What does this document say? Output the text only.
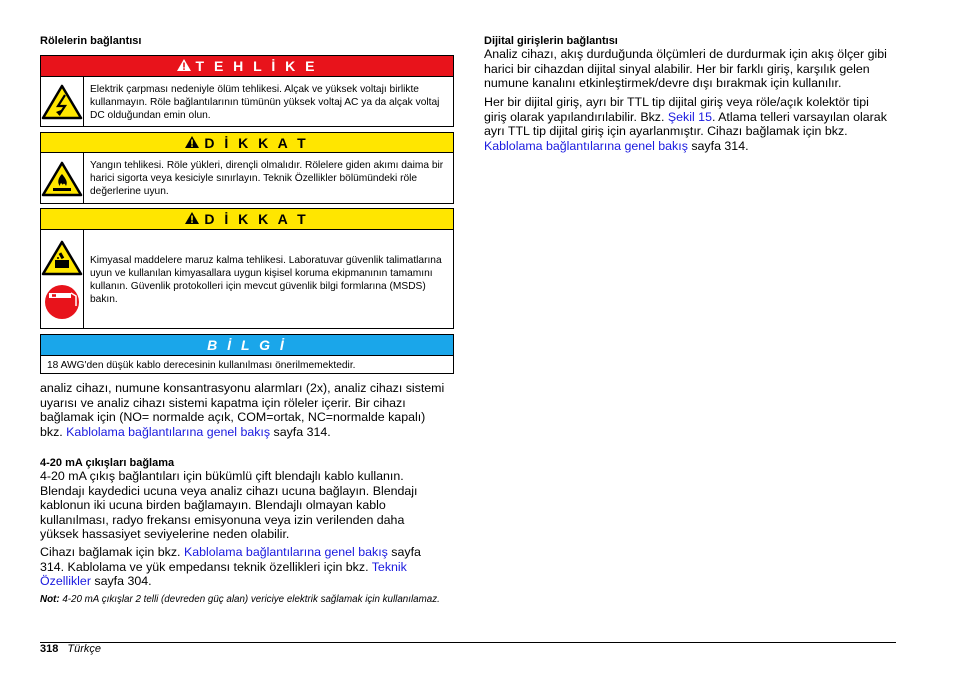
Rölelerin bağlantısı
T E H L İ K E
Elektrik çarpması nedeniyle ölüm tehlikesi. Alçak ve yüksek voltajı birlikte kullanmayın. Röle bağlantılarının tümünün yüksek voltaj AC ya da alçak voltaj DC olduğundan emin olun.
D İ K K A T
Yangın tehlikesi. Röle yükleri, dirençli olmalıdır. Rölelere giden akımı daima bir harici sigorta veya kesiciyle sınırlayın. Teknik Özellikler bölümündeki röle değerlerine uyun.
D İ K K A T
Kimyasal maddelere maruz kalma tehlikesi. Laboratuvar güvenlik talimatlarına uyun ve kullanılan kimyasallara uygun kişisel koruma ekipmanının tamamını kullanın. Güvenlik protokolleri için mevcut güvenlik bilgi formlarına (MSDS) bakın.
B İ L G İ
18 AWG'den düşük kablo derecesinin kullanılması önerilmemektedir.

analiz cihazı, numune konsantrasyonu alarmları (2x), analiz cihazı sistemi uyarısı ve analiz cihazı sistemi kapatma için röleler içerir. Bir cihazı bağlamak için (NO= normalde açık, COM=ortak, NC=normalde kapalı) bkz. Kablolama bağlantılarına genel bakış sayfa 314.

4-20 mA çıkışları bağlama

4-20 mA çıkış bağlantıları için bükümlü çift blendajlı kablo kullanın. Blendajı kaydedici ucuna veya analiz cihazı ucuna bağlayın. Blendajı kablonun iki ucuna birden bağlamayın. Blendajlı olmayan kablo kullanılması, radyo frekansı emisyonuna veya izin verilenden daha yüksek hassasiyet seviyelerine neden olabilir.

Cihazı bağlamak için bkz. Kablolama bağlantılarına genel bakış sayfa 314. Kablolama ve yük empedansı teknik özellikleri için bkz. Teknik Özellikler sayfa 304.

Not: 4-20 mA çıkışlar 2 telli (devreden güç alan) vericiye elektrik sağlamak için kullanılamaz.
Dijital girişlerin bağlantısı

Analiz cihazı, akış durduğunda ölçümleri de durdurmak için akış ölçer gibi harici bir cihazdan dijital sinyal alabilir. Her bir farklı giriş, karşılık gelen numune kanalını etkinleştirmek/devre dışı bırakmak için kullanılır.

Her bir dijital giriş, ayrı bir TTL tip dijital giriş veya röle/açık kolektör tipi giriş olarak yapılandırılabilir. Bkz. Şekil 15. Atlama telleri varsayılan olarak ayrı TTL tip dijital giriş için ayarlanmıştır. Cihazı bağlamak için bkz. Kablolama bağlantılarına genel bakış sayfa 314.

318 Türkçe
